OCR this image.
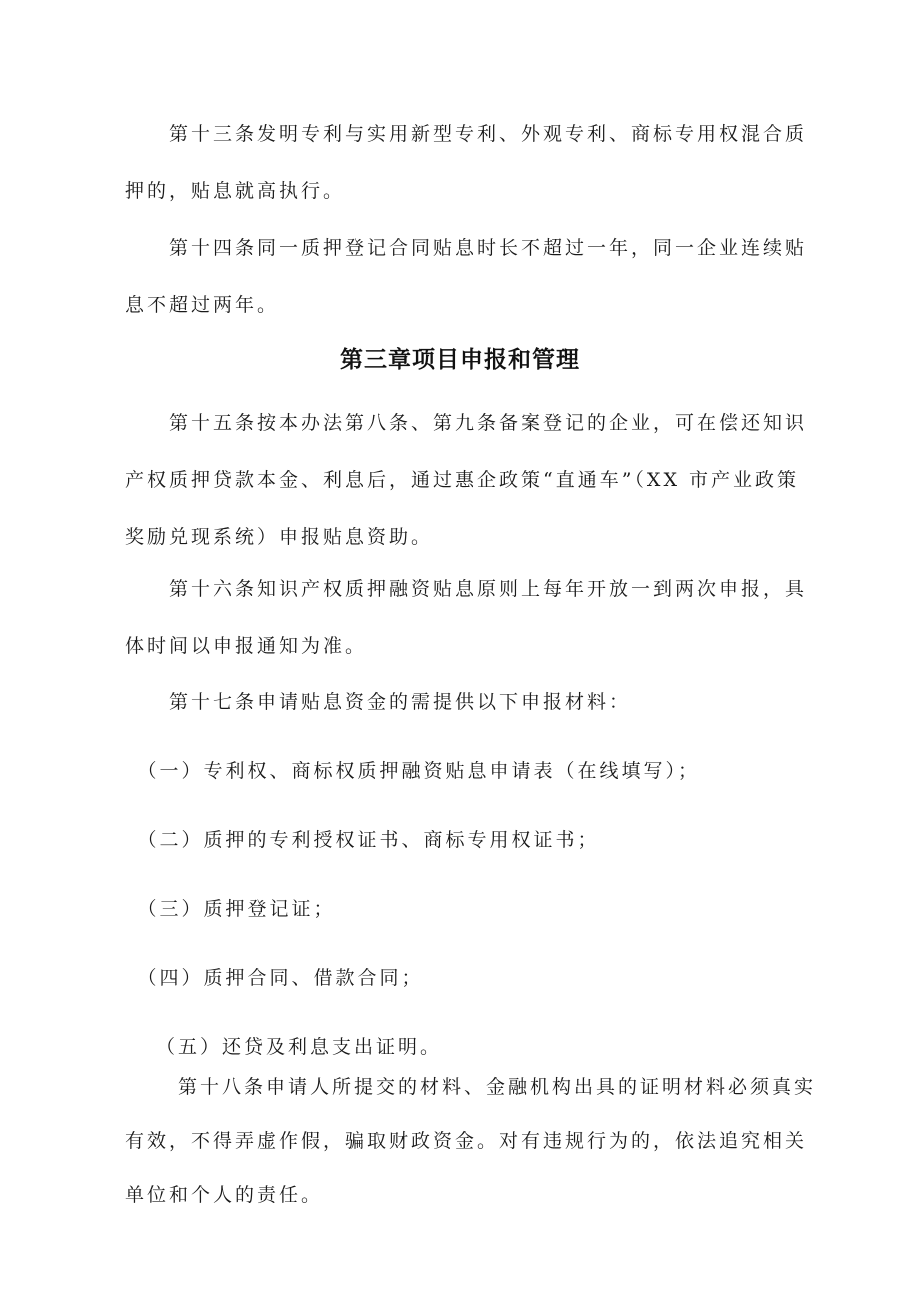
　　第十三条发明专利与实用新型专利、外观专利、商标专用权混合质
押的，贴息就高执行。
　　第十四条同一质押登记合同贴息时长不超过一年，同一企业连续贴
息不超过两年。
第三章项目申报和管理
　　第十五条按本办法第八条、第九条备案登记的企业，可在偿还知识
产权质押贷款本金、利息后，通过惠企政策“直通车”（XX 市产业政策
奖励兑现系统）申报贴息资助。
　　第十六条知识产权质押融资贴息原则上每年开放一到两次申报，具
体时间以申报通知为准。
　　第十七条申请贴息资金的需提供以下申报材料：
　（一）专利权、商标权质押融资贴息申请表（在线填写）；
　（二）质押的专利授权证书、商标专用权证书；
　（三）质押登记证；
　（四）质押合同、借款合同；
　 （五）还贷及利息支出证明。
　　 第十八条申请人所提交的材料、金融机构出具的证明材料必须真实
有效，不得弄虚作假，骗取财政资金。对有违规行为的，依法追究相关
单位和个人的责任。
